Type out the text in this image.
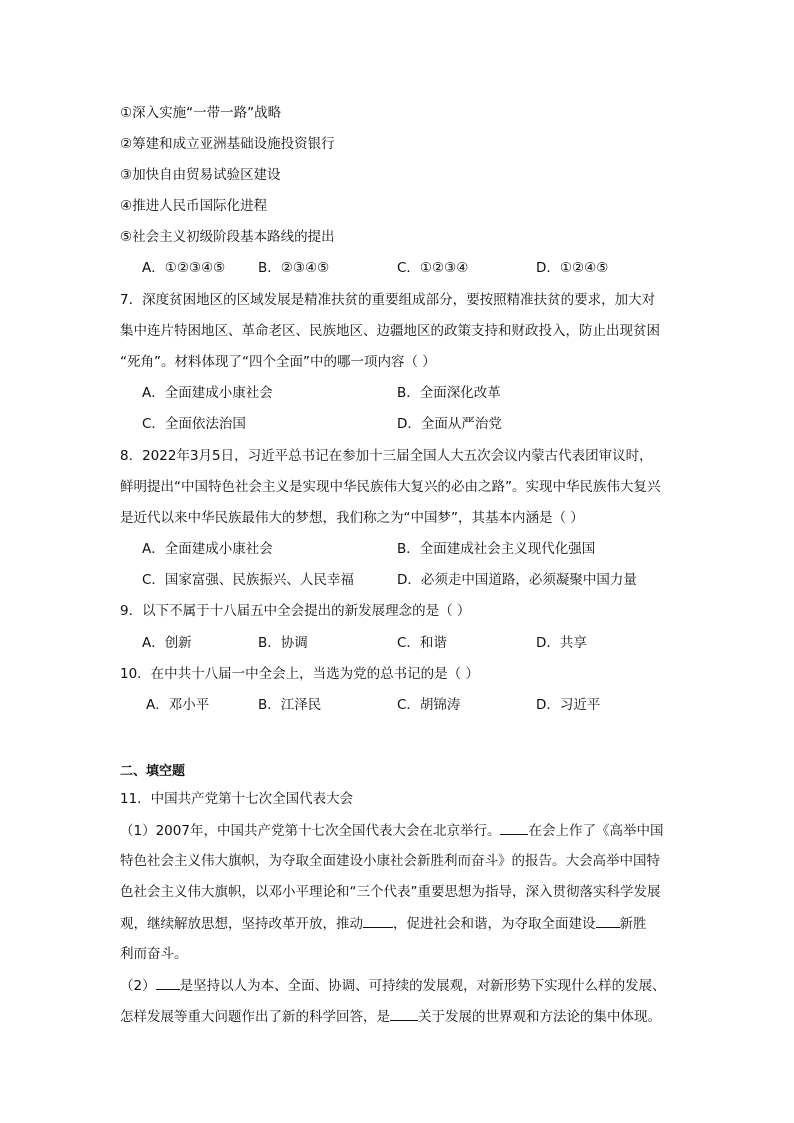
①深入实施“一带一路”战略
②筹建和成立亚洲基础设施投资银行
③加快自由贸易试验区建设
④推进人民币国际化进程
⑤社会主义初级阶段基本路线的提出
A．①②③④⑤ B．②③④⑤	C．①②③④	D．①②④⑤
7．深度贫困地区的区域发展是精准扶贫的重要组成部分，要按照精准扶贫的要求，加大对
集中连片特困地区、革命老区、民族地区、边疆地区的政策支持和财政投入，防止出现贫困
“死角”。材料体现了“四个全面”中的哪一项内容（ ）
A．全面建成小康社会	B．全面深化改革
C．全面依法治国	D．全面从严治党
8．2022年3月5日，习近平总书记在参加十三届全国人大五次会议内蒙古代表团审议时，
鲜明提出“中国特色社会主义是实现中华民族伟大复兴的必由之路”。实现中华民族伟大复兴
是近代以来中华民族最伟大的梦想，我们称之为“中国梦”，其基本内涵是（ ）
A．全面建成小康社会	B．全面建成社会主义现代化强国
C．国家富强、民族振兴、人民幸福	D．必须走中国道路，必须凝聚中国力量
9．以下不属于十八届五中全会提出的新发展理念的是（ ）
A．创新	B．协调	C．和谐	D．共享
10．在中共十八届一中全会上，当选为党的总书记的是（ ）
A．邓小平	B．江泽民	C．胡锦涛	D．习近平
二、填空题
11．中国共产党第十七次全国代表大会
（1）2007年，中国共产党第十七次全国代表大会在北京举行。 在会上作了《高举中国
特色社会主义伟大旗帜，为夺取全面建设小康社会新胜利而奋斗》的报告。大会高举中国特
色社会主义伟大旗帜，以邓小平理论和“三个代表”重要思想为指导，深入贯彻落实科学发展
观，继续解放思想，坚持改革开放，推动 ，促进社会和谐，为夺取全面建设 新胜
利而奋斗。
（2） 是坚持以人为本、全面、协调、可持续的发展观，对新形势下实现什么样的发展、
怎样发展等重大问题作出了新的科学回答，是 关于发展的世界观和方法论的集中体现。
